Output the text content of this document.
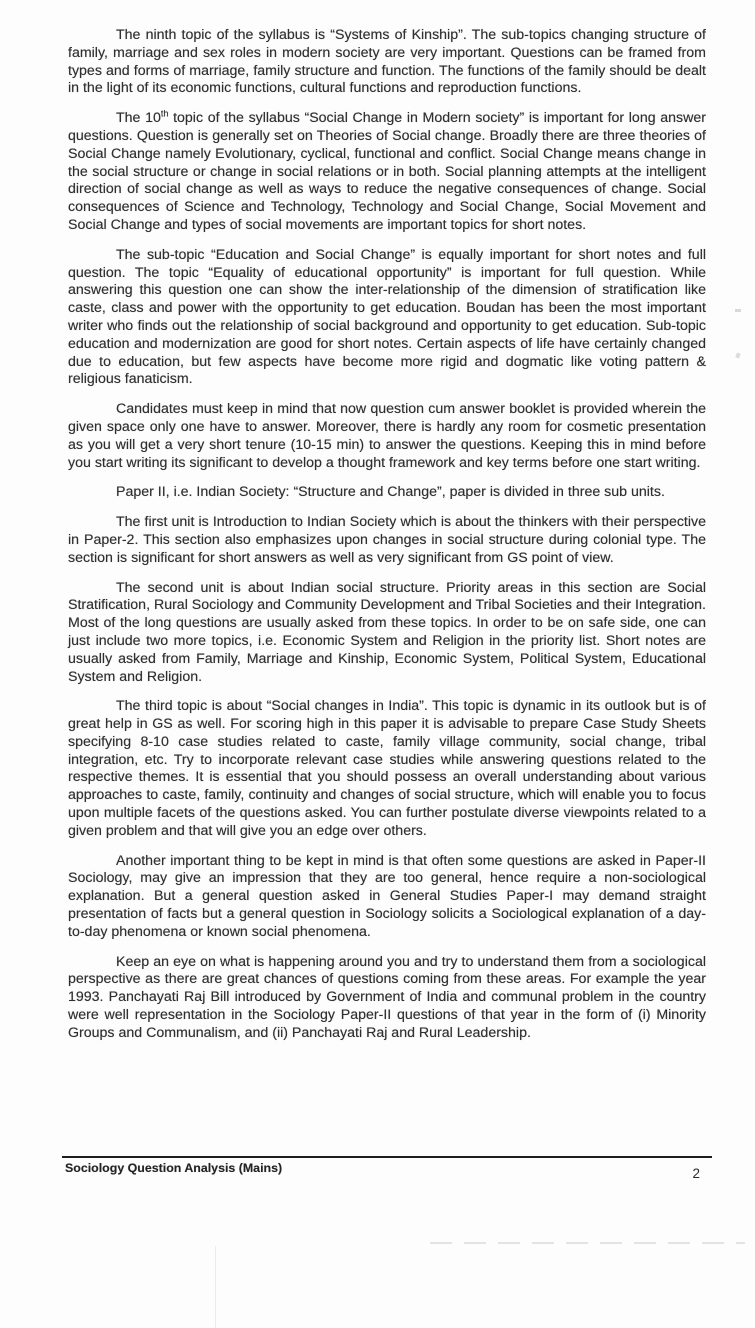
The ninth topic of the syllabus is “Systems of Kinship”. The sub-topics changing structure of family, marriage and sex roles in modern society are very important. Questions can be framed from types and forms of marriage, family structure and function. The functions of the family should be dealt in the light of its economic functions, cultural functions and reproduction functions.

The 10th topic of the syllabus “Social Change in Modern society” is important for long answer questions. Question is generally set on Theories of Social change. Broadly there are three theories of Social Change namely Evolutionary, cyclical, functional and conflict. Social Change means change in the social structure or change in social relations or in both. Social planning attempts at the intelligent direction of social change as well as ways to reduce the negative consequences of change. Social consequences of Science and Technology, Technology and Social Change, Social Movement and Social Change and types of social movements are important topics for short notes.

The sub-topic “Education and Social Change” is equally important for short notes and full question. The topic “Equality of educational opportunity” is important for full question. While answering this question one can show the inter-relationship of the dimension of stratification like caste, class and power with the opportunity to get education. Boudan has been the most important writer who finds out the relationship of social background and opportunity to get education. Sub-topic education and modernization are good for short notes. Certain aspects of life have certainly changed due to education, but few aspects have become more rigid and dogmatic like voting pattern & religious fanaticism.

Candidates must keep in mind that now question cum answer booklet is provided wherein the given space only one have to answer. Moreover, there is hardly any room for cosmetic presentation as you will get a very short tenure (10-15 min) to answer the questions. Keeping this in mind before you start writing its significant to develop a thought framework and key terms before one start writing.

Paper II, i.e. Indian Society: “Structure and Change”, paper is divided in three sub units.

The first unit is Introduction to Indian Society which is about the thinkers with their perspective in Paper-2. This section also emphasizes upon changes in social structure during colonial type. The section is significant for short answers as well as very significant from GS point of view.

The second unit is about Indian social structure. Priority areas in this section are Social Stratification, Rural Sociology and Community Development and Tribal Societies and their Integration. Most of the long questions are usually asked from these topics. In order to be on safe side, one can just include two more topics, i.e. Economic System and Religion in the priority list. Short notes are usually asked from Family, Marriage and Kinship, Economic System, Political System, Educational System and Religion.

The third topic is about “Social changes in India”. This topic is dynamic in its outlook but is of great help in GS as well. For scoring high in this paper it is advisable to prepare Case Study Sheets specifying 8-10 case studies related to caste, family village community, social change, tribal integration, etc. Try to incorporate relevant case studies while answering questions related to the respective themes. It is essential that you should possess an overall understanding about various approaches to caste, family, continuity and changes of social structure, which will enable you to focus upon multiple facets of the questions asked. You can further postulate diverse viewpoints related to a given problem and that will give you an edge over others.

Another important thing to be kept in mind is that often some questions are asked in Paper-II Sociology, may give an impression that they are too general, hence require a non-sociological explanation. But a general question asked in General Studies Paper-I may demand straight presentation of facts but a general question in Sociology solicits a Sociological explanation of a day-to-day phenomena or known social phenomena.

Keep an eye on what is happening around you and try to understand them from a sociological perspective as there are great chances of questions coming from these areas. For example the year 1993. Panchayati Raj Bill introduced by Government of India and communal problem in the country were well representation in the Sociology Paper-II questions of that year in the form of (i) Minority Groups and Communalism, and (ii) Panchayati Raj and Rural Leadership.

Sociology Question Analysis (Mains)	2
